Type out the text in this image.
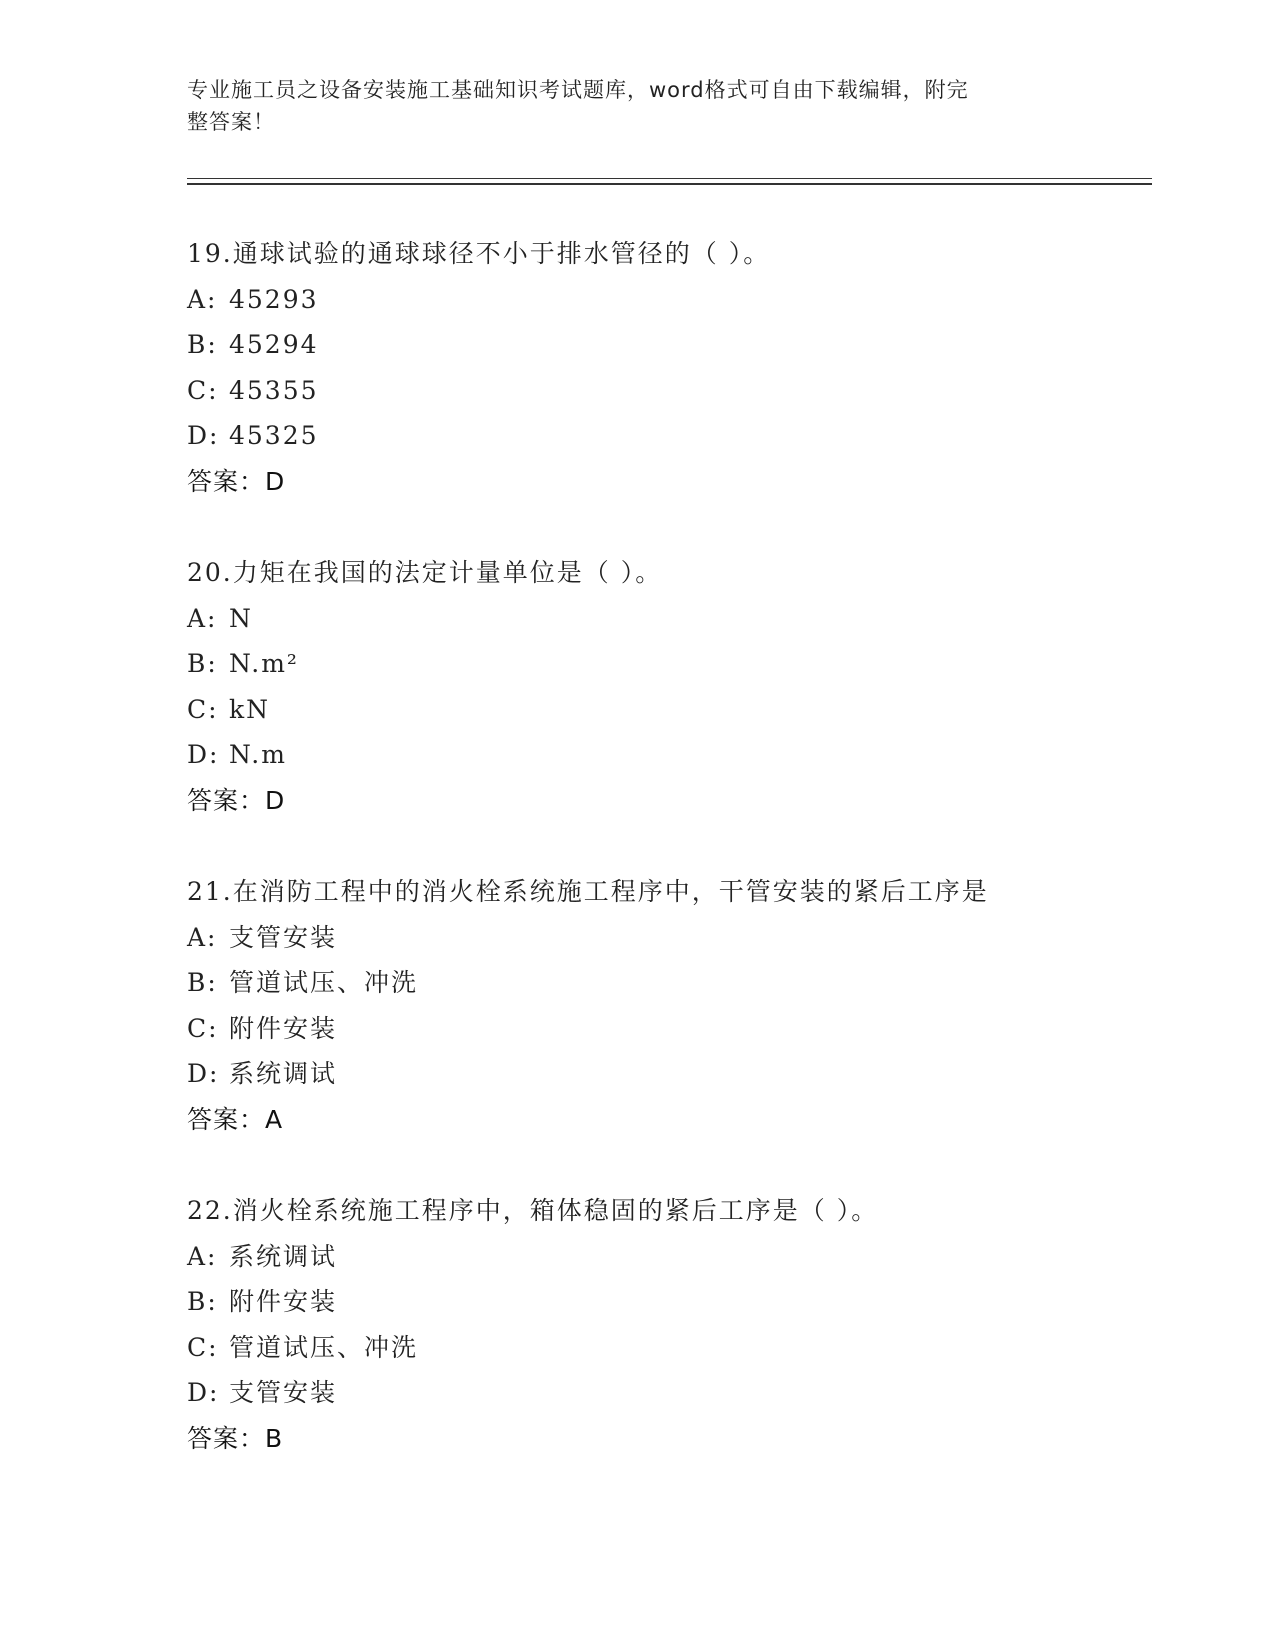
专业施工员之设备安装施工基础知识考试题库，word格式可自由下载编辑，附完
整答案！
19.通球试验的通球球径不小于排水管径的（ ）。
A: 45293
B: 45294
C: 45355
D: 45325
答案：D
20.力矩在我国的法定计量单位是（ ）。
A: N
B: N.m²
C: kN
D: N.m
答案：D
21.在消防工程中的消火栓系统施工程序中，干管安装的紧后工序是
A: 支管安装
B: 管道试压、冲洗
C: 附件安装
D: 系统调试
答案：A
22.消火栓系统施工程序中，箱体稳固的紧后工序是（ ）。
A: 系统调试
B: 附件安装
C: 管道试压、冲洗
D: 支管安装
答案：B
